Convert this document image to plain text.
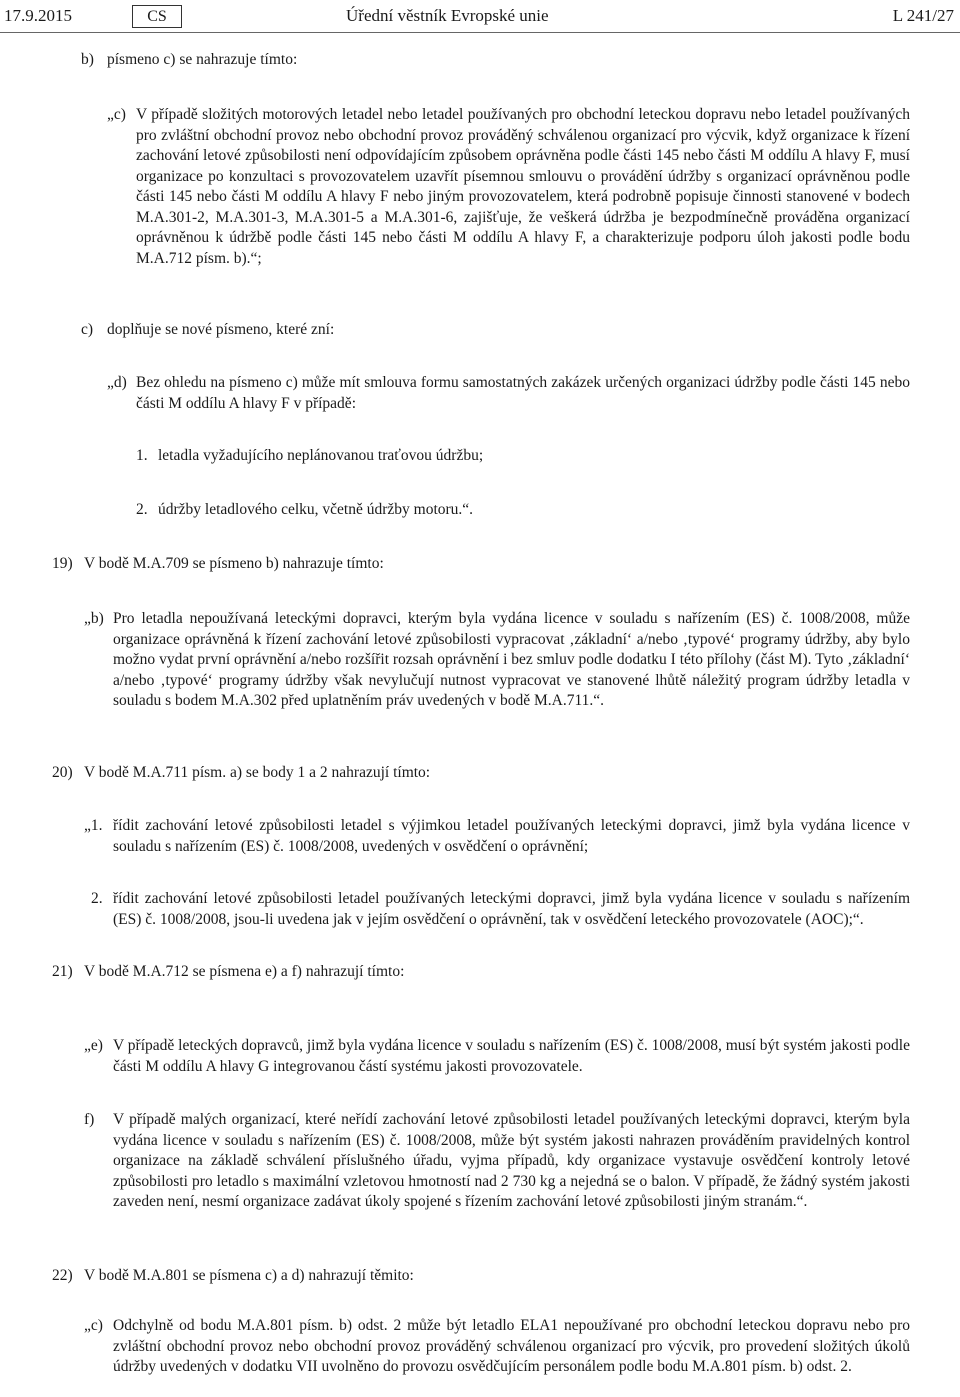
17.9.2015	CS	Úřední věstník Evropské unie	L 241/27
b) písmeno c) se nahrazuje tímto:
„c) V případě složitých motorových letadel nebo letadel používaných pro obchodní leteckou dopravu nebo letadel používaných pro zvláštní obchodní provoz nebo obchodní provoz prováděný schválenou organizací pro výcvik, když organizace k řízení zachování letové způsobilosti není odpovídajícím způsobem oprávněna podle části 145 nebo části M oddílu A hlavy F, musí organizace po konzultaci s provozovatelem uzavřít písemnou smlouvu o provádění údržby s organizací oprávněnou podle části 145 nebo části M oddílu A hlavy F nebo jiným provozovatelem, která podrobně popisuje činnosti stanovené v bodech M.A.301-2, M.A.301-3, M.A.301-5 a M.A.301-6, zajišťuje, že veškerá údržba je bezpodmínečně prováděna organizací oprávněnou k údržbě podle části 145 nebo části M oddílu A hlavy F, a charakterizuje podporu úloh jakosti podle bodu M.A.712 písm. b).“;
c) doplňuje se nové písmeno, které zní:
„d) Bez ohledu na písmeno c) může mít smlouva formu samostatných zakázek určených organizaci údržby podle části 145 nebo části M oddílu A hlavy F v případě:
1. letadla vyžadujícího neplánovanou traťovou údržbu;
2. údržby letadlového celku, včetně údržby motoru.“.
19) V bodě M.A.709 se písmeno b) nahrazuje tímto:
„b) Pro letadla nepoužívaná leteckými dopravci, kterým byla vydána licence v souladu s nařízením (ES) č. 1008/2008, může organizace oprávněná k řízení zachování letové způsobilosti vypracovat ‚základní‘ a/nebo ‚typové‘ programy údržby, aby bylo možno vydat první oprávnění a/nebo rozšířit rozsah oprávnění i bez smluv podle dodatku I této přílohy (část M). Tyto ‚základní‘ a/nebo ‚typové‘ programy údržby však nevylučují nutnost vypracovat ve stanovené lhůtě náležitý program údržby letadla v souladu s bodem M.A.302 před uplatněním práv uvedených v bodě M.A.711.“.
20) V bodě M.A.711 písm. a) se body 1 a 2 nahrazují tímto:
„1. řídit zachování letové způsobilosti letadel s výjimkou letadel používaných leteckými dopravci, jimž byla vydána licence v souladu s nařízením (ES) č. 1008/2008, uvedených v osvědčení o oprávnění;
2. řídit zachování letové způsobilosti letadel používaných leteckými dopravci, jimž byla vydána licence v souladu s nařízením (ES) č. 1008/2008, jsou-li uvedena jak v jejím osvědčení o oprávnění, tak v osvědčení leteckého provozovatele (AOC);“.
21) V bodě M.A.712 se písmena e) a f) nahrazují tímto:
„e) V případě leteckých dopravců, jimž byla vydána licence v souladu s nařízením (ES) č. 1008/2008, musí být systém jakosti podle části M oddílu A hlavy G integrovanou částí systému jakosti provozovatele.
f) V případě malých organizací, které neřídí zachování letové způsobilosti letadel používaných leteckými dopravci, kterým byla vydána licence v souladu s nařízením (ES) č. 1008/2008, může být systém jakosti nahrazen prováděním pravidelných kontrol organizace na základě schválení příslušného úřadu, vyjma případů, kdy organizace vystavuje osvědčení kontroly letové způsobilosti pro letadlo s maximální vzletovou hmotností nad 2 730 kg a nejedná se o balon. V případě, že žádný systém jakosti zaveden není, nesmí organizace zadávat úkoly spojené s řízením zachování letové způsobilosti jiným stranám.“.
22) V bodě M.A.801 se písmena c) a d) nahrazují těmito:
„c) Odchylně od bodu M.A.801 písm. b) odst. 2 může být letadlo ELA1 nepoužívané pro obchodní leteckou dopravu nebo pro zvláštní obchodní provoz nebo obchodní provoz prováděný schválenou organizací pro výcvik, pro provedení složitých úkolů údržby uvedených v dodatku VII uvolněno do provozu osvědčujícím personálem podle bodu M.A.801 písm. b) odst. 2.
